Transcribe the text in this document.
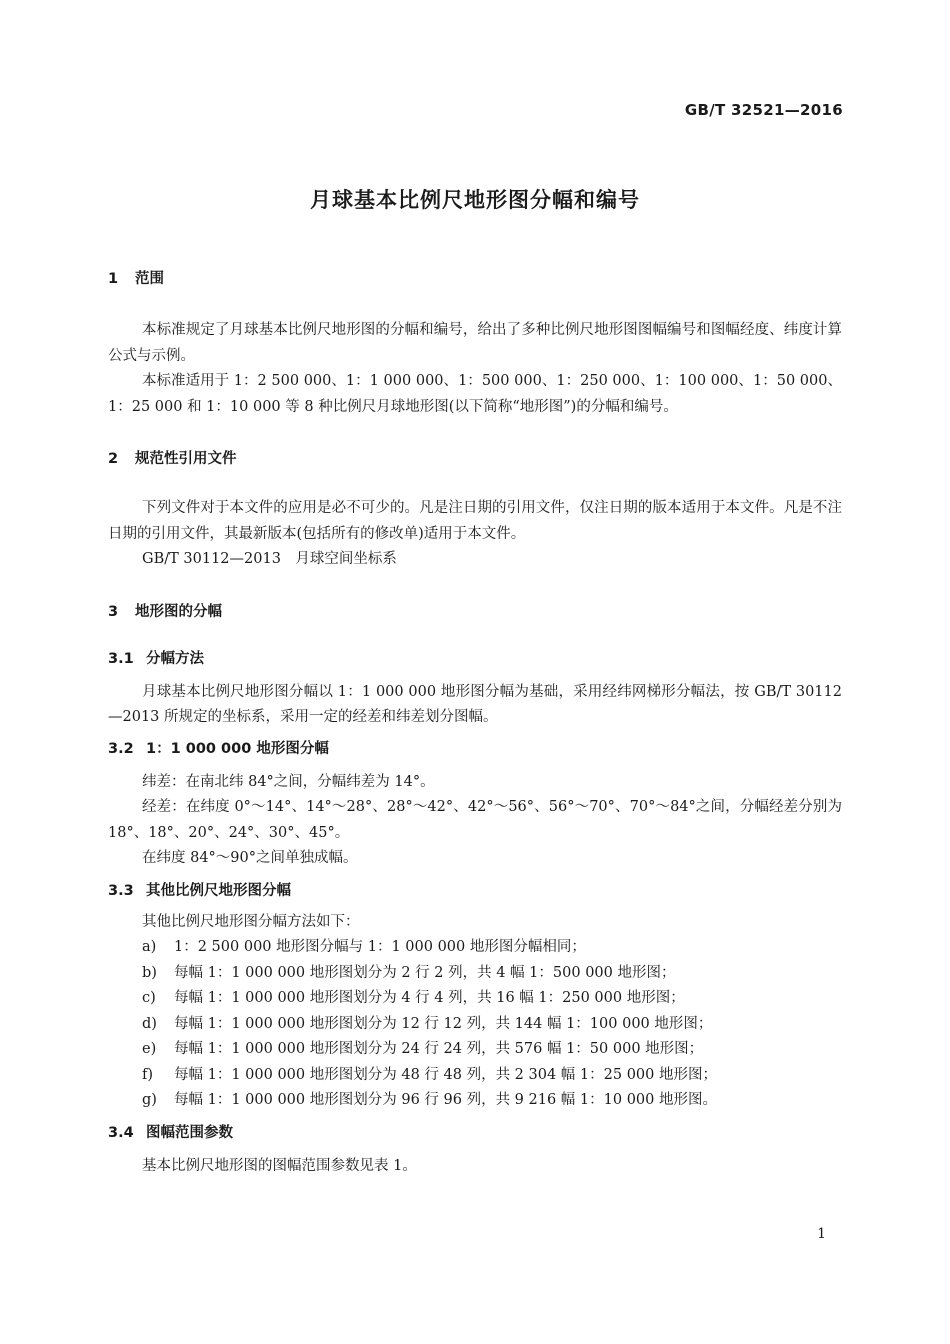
GB/T 32521—2016
月球基本比例尺地形图分幅和编号
1 范围

本标准规定了月球基本比例尺地形图的分幅和编号，给出了多种比例尺地形图图幅编号和图幅经度、纬度计算公式与示例。

本标准适用于 1：2 500 000、1：1 000 000、1：500 000、1：250 000、1：100 000、1：50 000、1：25 000 和 1：10 000 等 8 种比例尺月球地形图(以下简称“地形图”)的分幅和编号。

2 规范性引用文件

下列文件对于本文件的应用是必不可少的。凡是注日期的引用文件，仅注日期的版本适用于本文件。凡是不注日期的引用文件，其最新版本(包括所有的修改单)适用于本文件。

GB/T 30112—2013　月球空间坐标系

3 地形图的分幅
3.1 分幅方法

月球基本比例尺地形图分幅以 1：1 000 000 地形图分幅为基础，采用经纬网梯形分幅法，按 GB/T 30112—2013 所规定的坐标系，采用一定的经差和纬差划分图幅。

3.2 1：1 000 000 地形图分幅

纬差：在南北纬 84°之间，分幅纬差为 14°。

经差：在纬度 0°～14°、14°～28°、28°～42°、42°～56°、56°～70°、70°～84°之间，分幅经差分别为 18°、18°、20°、24°、30°、45°。

在纬度 84°～90°之间单独成幅。

3.3 其他比例尺地形图分幅

其他比例尺地形图分幅方法如下：

a) 1：2 500 000 地形图分幅与 1：1 000 000 地形图分幅相同；
b) 每幅 1：1 000 000 地形图划分为 2 行 2 列，共 4 幅 1：500 000 地形图；
c) 每幅 1：1 000 000 地形图划分为 4 行 4 列，共 16 幅 1：250 000 地形图；
d) 每幅 1：1 000 000 地形图划分为 12 行 12 列，共 144 幅 1：100 000 地形图；
e) 每幅 1：1 000 000 地形图划分为 24 行 24 列，共 576 幅 1：50 000 地形图；
f) 每幅 1：1 000 000 地形图划分为 48 行 48 列，共 2 304 幅 1：25 000 地形图；
g) 每幅 1：1 000 000 地形图划分为 96 行 96 列，共 9 216 幅 1：10 000 地形图。
3.4 图幅范围参数

基本比例尺地形图的图幅范围参数见表 1。

1
